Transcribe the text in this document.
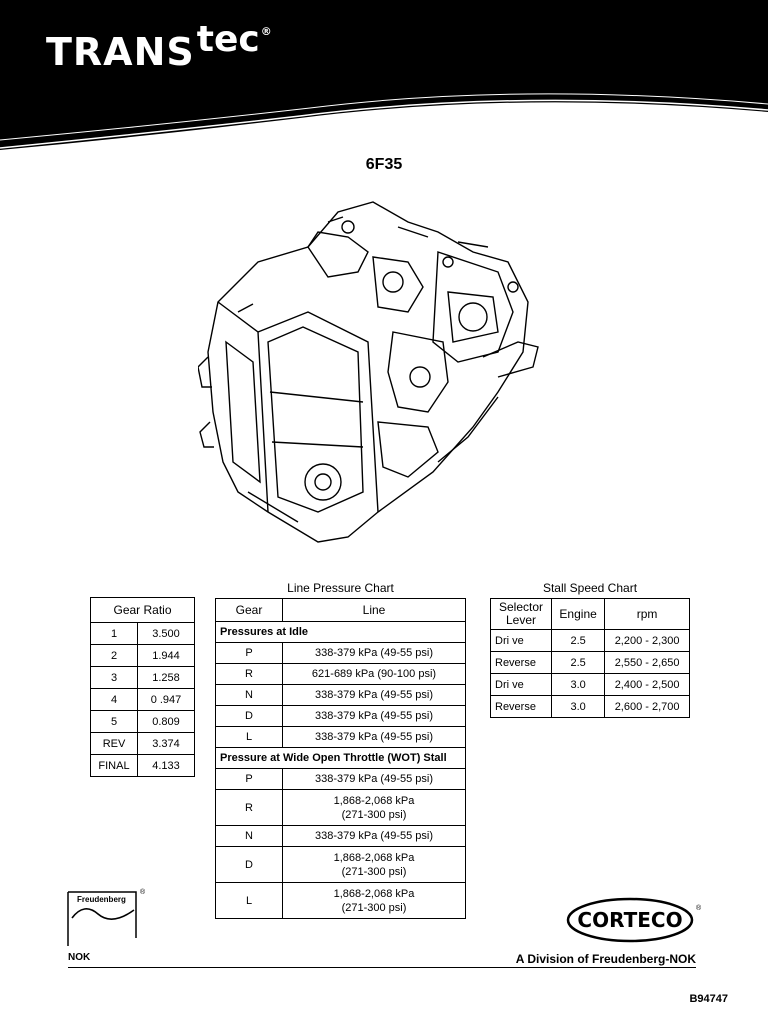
TRANStec®
6F35
Line Pressure Chart
Gear Ratio	
1	3.500
2	1.944
3	1.258
4	0 .947
5	0.809
REV	3.374
FINAL	4.133
Gear	Line
Pressures at Idle	
P	338-379 kPa (49-55 psi)
R	621-689 kPa (90-100 psi)
N	338-379 kPa (49-55 psi)
D	338-379 kPa (49-55 psi)
L	338-379 kPa (49-55 psi)
Pressure at Wide Open Throttle (WOT) Stall	
P	338-379 kPa (49-55 psi)
R	1,868-2,068 kPa
(271-300 psi)
N	338-379 kPa (49-55 psi)
D	1,868-2,068 kPa
(271-300 psi)
L	1,868-2,068 kPa
(271-300 psi)
Stall Speed Chart
Selector
Lever	Engine	rpm
Dri ve	2.5	2,200 - 2,300
Reverse	2.5	2,550 - 2,650
Dri ve	3.0	2,400 - 2,500
Reverse	3.0	2,600 - 2,700
Freudenberg
®
NOK
CORTECO ®
A Division of Freudenberg-NOK
B94747
